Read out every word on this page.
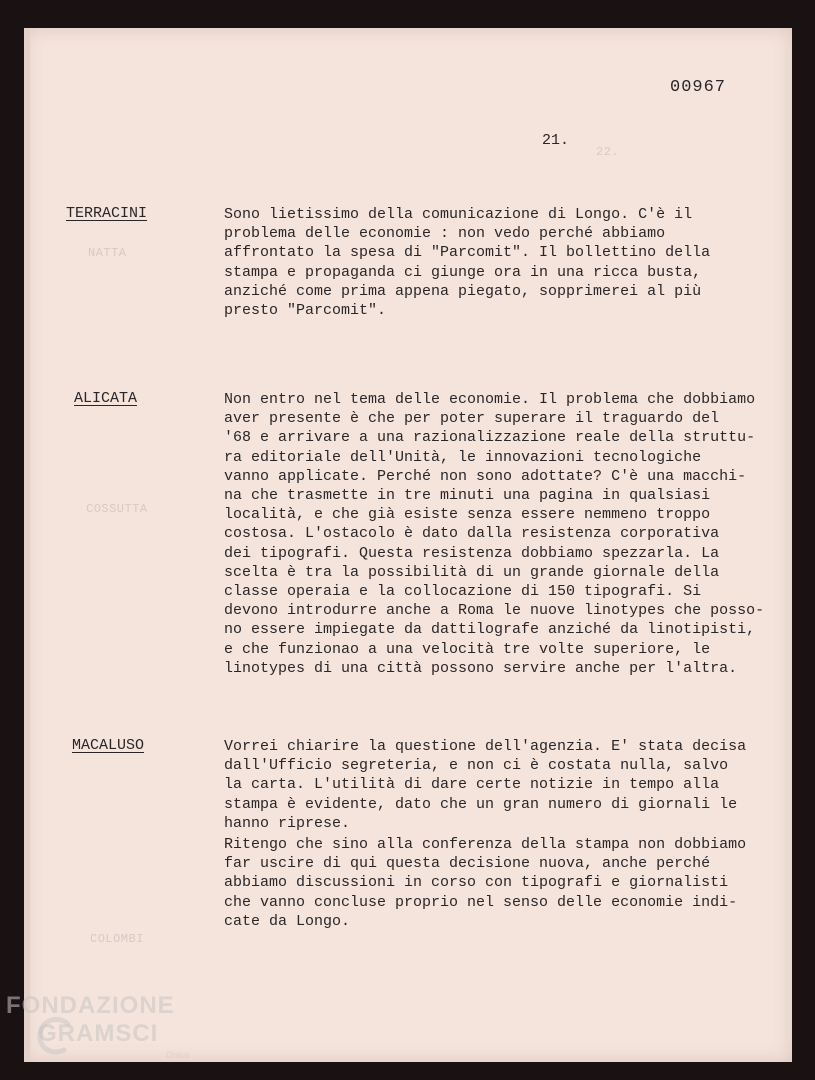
22.
NATTA
COSSUTTA
COLOMBI
00967
21.
TERRACINI	Sono lietissimo della comunicazione di Longo. C'è il
problema delle economie : non vedo perché abbiamo
affrontato la spesa di "Parcomit". Il bollettino della
stampa e propaganda ci giunge ora in una ricca busta,
anziché come prima appena piegato, sopprimerei al più
presto "Parcomit".

ALICATA	Non entro nel tema delle economie. Il problema che dobbiamo
aver presente è che per poter superare il traguardo del
'68 e arrivare a una razionalizzazione reale della struttu-
ra editoriale dell'Unità, le innovazioni tecnologiche
vanno applicate. Perché non sono adottate? C'è una macchi-
na che trasmette in tre minuti una pagina in qualsiasi
località, e che già esiste senza essere nemmeno troppo
costosa. L'ostacolo è dato dalla resistenza corporativa
dei tipografi. Questa resistenza dobbiamo spezzarla. La
scelta è tra la possibilità di un grande giornale della
classe operaia e la collocazione di 150 tipografi. Si
devono introdurre anche a Roma le nuove linotypes che posso-
no essere impiegate da dattilografe anziché da linotipisti,
e che funzionao a una velocità tre volte superiore, le
linotypes di una città possono servire anche per l'altra.

MACALUSO	Vorrei chiarire la questione dell'agenzia. E' stata decisa
dall'Ufficio segreteria, e non ci è costata nulla, salvo
la carta. L'utilità di dare certe notizie in tempo alla
stampa è evidente, dato che un gran numero di giornali le
hanno riprese.

Ritengo che sino alla conferenza della stampa non dobbiamo
far uscire di qui questa decisione nuova, anche perché
abbiamo discussioni in corso con tipografi e giornalisti
che vanno concluse proprio nel senso delle economie indi-
cate da Longo.

FONDAZIONE
GRAMSCI
Onlus
